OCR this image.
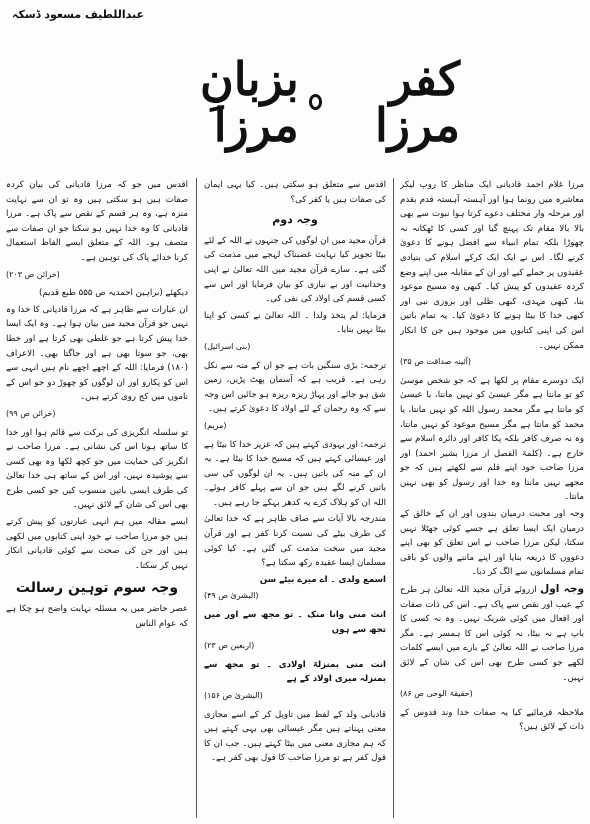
عبداللطیف مسعود ڈسکہ
کفر مرزا
بزبانِ مرزا

مرزا غلام احمد قادیانی ایک مناظر کا روپ لیکر معاشرہ میں رونما ہوا اور آہستہ آہستہ قدم بقدم اور مرحلہ وار مختلف دعوے کرتا ہوا نبوت سے بھی بالا بالا مقام تک پہنچ گیا اور کسی کا ٹھکانہ نہ چھوڑا بلکہ تمام انبیاء سے افضل ہونے کا دعویٰ کرنے لگا۔ اس نے ایک ایک کرکے اسلام کی بنیادی عقیدوں پر حملے کیے اور ان کے مقابلہ میں اپنے وضع کردہ عقیدوں کو پیش کیا۔ کبھی وہ مسیح موعود بنا، کبھی مہدی، کبھی ظلی اور بروزی نبی اور کبھی خدا کا بیٹا ہونے کا دعویٰ کیا۔ یہ تمام باتیں اس کی اپنی کتابوں میں موجود ہیں جن کا انکار ممکن نہیں۔

(آئینہ صداقت ص ۳۵)

ایک دوسرے مقام پر لکھا ہے کہ جو شخص موسیٰ کو تو مانتا ہے مگر عیسیٰ کو نہیں مانتا، یا عیسیٰ کو مانتا ہے مگر محمد رسول اللہ کو نہیں مانتا، یا محمد کو مانتا ہے مگر مسیح موعود کو نہیں مانتا، وہ نہ صرف کافر بلکہ پکا کافر اور دائرہ اسلام سے خارج ہے۔ (کلمۃ الفصل از مرزا بشیر احمد) اور مرزا صاحب خود اپنے قلم سے لکھتے ہیں کہ جو مجھے نہیں مانتا وہ خدا اور رسول کو بھی نہیں مانتا۔

وجہ اور محبت درمیان بندوں اور ان کے خالق کے درمیان ایک ایسا تعلق ہے جسے کوئی جھٹلا نہیں سکتا، لیکن مرزا صاحب نے اس تعلق کو بھی اپنے دعووں کا ذریعہ بنایا اور اپنے ماننے والوں کو باقی تمام مسلمانوں سے الگ کر دیا۔

وجہ اول ازروئے قرآن مجید اللہ تعالیٰ ہر طرح کے عیب اور نقص سے پاک ہے۔ اس کی ذات صفات اور افعال میں کوئی شریک نہیں۔ وہ نہ کسی کا باپ ہے نہ بیٹا، نہ کوئی اس کا ہمسر ہے۔ مگر مرزا صاحب نے اللہ تعالیٰ کے بارے میں ایسے کلمات لکھے جو کسی طرح بھی اس کی شان کے لائق نہیں۔

(حقیقۃ الوحی ص ۸۶)

ملاحظہ فرمائیے کیا یہ صفات خدا وند قدوس کے ذات کے لائق ہیں؟

اقدس سے متعلق ہو سکتی ہیں۔ کیا یہی ایمان کی صفات ہیں یا کفر کی؟

وجہ دوم

قرآن مجید میں ان لوگوں کی جنہوں نے اللہ کے لئے بیٹا تجویز کیا نہایت غضبناک لہجے میں مذمت کی گئی ہے۔ سارے قرآن مجید میں اللہ تعالیٰ نے اپنی وحدانیت اور بے نیازی کو بیان فرمایا اور اس سے کسی قسم کی اولاد کی نفی کی۔

فرمایا: لم یتخذ ولدا ۔ اللہ تعالیٰ نے کسی کو اپنا بیٹا نہیں بنایا۔

(بنی اسرائیل)

ترجمہ: بڑی سنگین بات ہے جو ان کے منہ سے نکل رہی ہے۔ قریب ہے کہ آسمان پھٹ پڑیں، زمین شق ہو جائے اور پہاڑ ریزہ ریزہ ہو جائیں اس وجہ سے کہ وہ رحمان کے لئے اولاد کا دعویٰ کرتے ہیں۔

(مریم)

ترجمہ: اور یہودی کہتے ہیں کہ عزیر خدا کا بیٹا ہے اور عیسائی کہتے ہیں کہ مسیح خدا کا بیٹا ہے۔ یہ ان کے منہ کی باتیں ہیں۔ یہ ان لوگوں کی سی باتیں کرنے لگے ہیں جو ان سے پہلے کافر ہوئے۔ اللہ ان کو ہلاک کرے یہ کدھر بہکے جا رہے ہیں۔

مندرجہ بالا آیات سے صاف ظاہر ہے کہ خدا تعالیٰ کی طرف بیٹے کی نسبت کرنا کفر ہے اور قرآن مجید میں سخت مذمت کی گئی ہے۔ کیا کوئی مسلمان ایسا عقیدہ رکھ سکتا ہے؟

اسمع ولدی ۔ اے میرے بیٹے سن

(البشریٰ ص ۴۹)

انت منی وانا منک ۔ تو مجھ سے اور میں تجھ سے ہوں

(اربعین ص ۲۳)

انت منی بمنزلۃ اولادی ۔ تو مجھ سے بمنزلہ میری اولاد کے ہے

(البشریٰ ص ۱۵۶)

قادیانی ولد کے لفظ میں تاویل کر کے اسے مجازی معنی پہناتے ہیں مگر عیسائی بھی یہی کہتے ہیں کہ ہم مجازی معنی میں بیٹا کہتے ہیں۔ جب ان کا قول کفر ہے تو مرزا صاحب کا قول بھی کفر ہے۔

اقدس میں جو کہ مرزا قادیانی کی بیان کردہ صفات ہیں ہو سکتی ہیں وہ تو ان سے نہایت منزہ ہے، وہ ہر قسم کے نقص سے پاک ہے۔ مرزا قادیانی کا وہ خدا نہیں ہو سکتا جو ان صفات سے متصف ہو۔ اللہ کے متعلق ایسے الفاظ استعمال کرنا خدائے پاک کی توہین ہے۔

(خزائن ص ۲۰۳)

دیکھئے (براہین احمدیہ ص ۵۵۵ طبع قدیم)

ان عبارات سے ظاہر ہے کہ مرزا قادیانی کا خدا وہ نہیں جو قرآن مجید میں بیان ہوا ہے۔ وہ ایک ایسا خدا پیش کرتا ہے جو غلطی بھی کرتا ہے اور خطا بھی، جو سوتا بھی ہے اور جاگتا بھی۔ الاعراف (۱۸۰) فرمایا: اللہ کے اچھے اچھے نام ہیں انہی سے اس کو پکارو اور ان لوگوں کو چھوڑ دو جو اس کے ناموں میں کج روی کرتے ہیں۔

(خزائن ص ۹۹)

تو سلسلہ انگریزی کی برکت سے قائم ہوا اور خدا کا ساتھ ہونا اس کی نشانی ہے۔ مرزا صاحب نے انگریز کی حمایت میں جو کچھ لکھا وہ بھی کسی سے پوشیدہ نہیں، اور اس کے ساتھ ہی خدا تعالیٰ کی طرف ایسی باتیں منسوب کیں جو کسی طرح بھی اس کی شان کے لائق نہیں۔

ایسے مقالہ میں ہم انہی عبارتوں کو پیش کرتے ہیں جو مرزا صاحب نے خود اپنی کتابوں میں لکھی ہیں اور جن کی صحت سے کوئی قادیانی انکار نہیں کر سکتا۔

وجہ سوم توہین رسالت

عصر حاضر میں یہ مسئلہ نہایت واضح ہو چکا ہے کہ عوام الناس
